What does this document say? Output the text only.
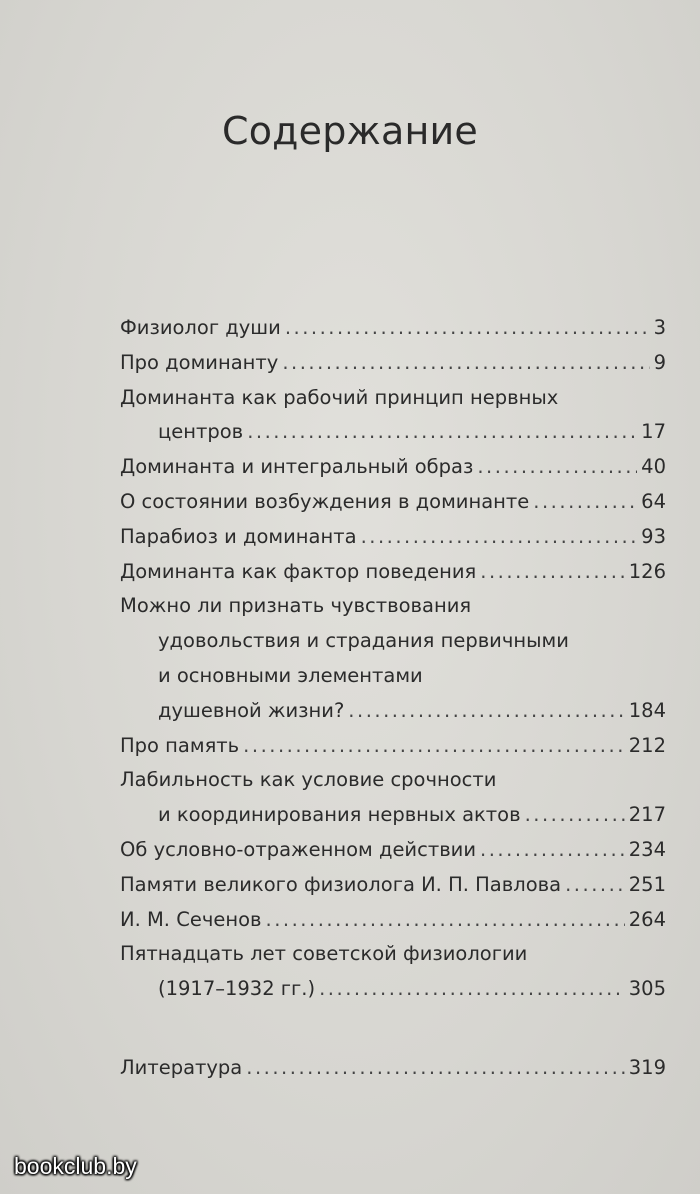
Содержание
Физиолог души .....	3
Про доминанту .....	9
Доминанта как рабочий принцип нервных
центров .....	17
Доминанта и интегральный образ .....	40
О состоянии возбуждения в доминанте .....	64
Парабиоз и доминанта .....	93
Доминанта как фактор поведения .....	126
Можно ли признать чувствования
удовольствия и страдания первичными
и основными элементами
душевной жизни? .....	184
Про память .....	212
Лабильность как условие срочности
и координирования нервных актов .....	217
Об условно-отраженном действии .....	234
Памяти великого физиолога И. П. Павлова .....	251
И. М. Сеченов .....	264
Пятнадцать лет советской физиологии
(1917–1932 гг.) .....	305
Литература .....	319
bookclub.by
